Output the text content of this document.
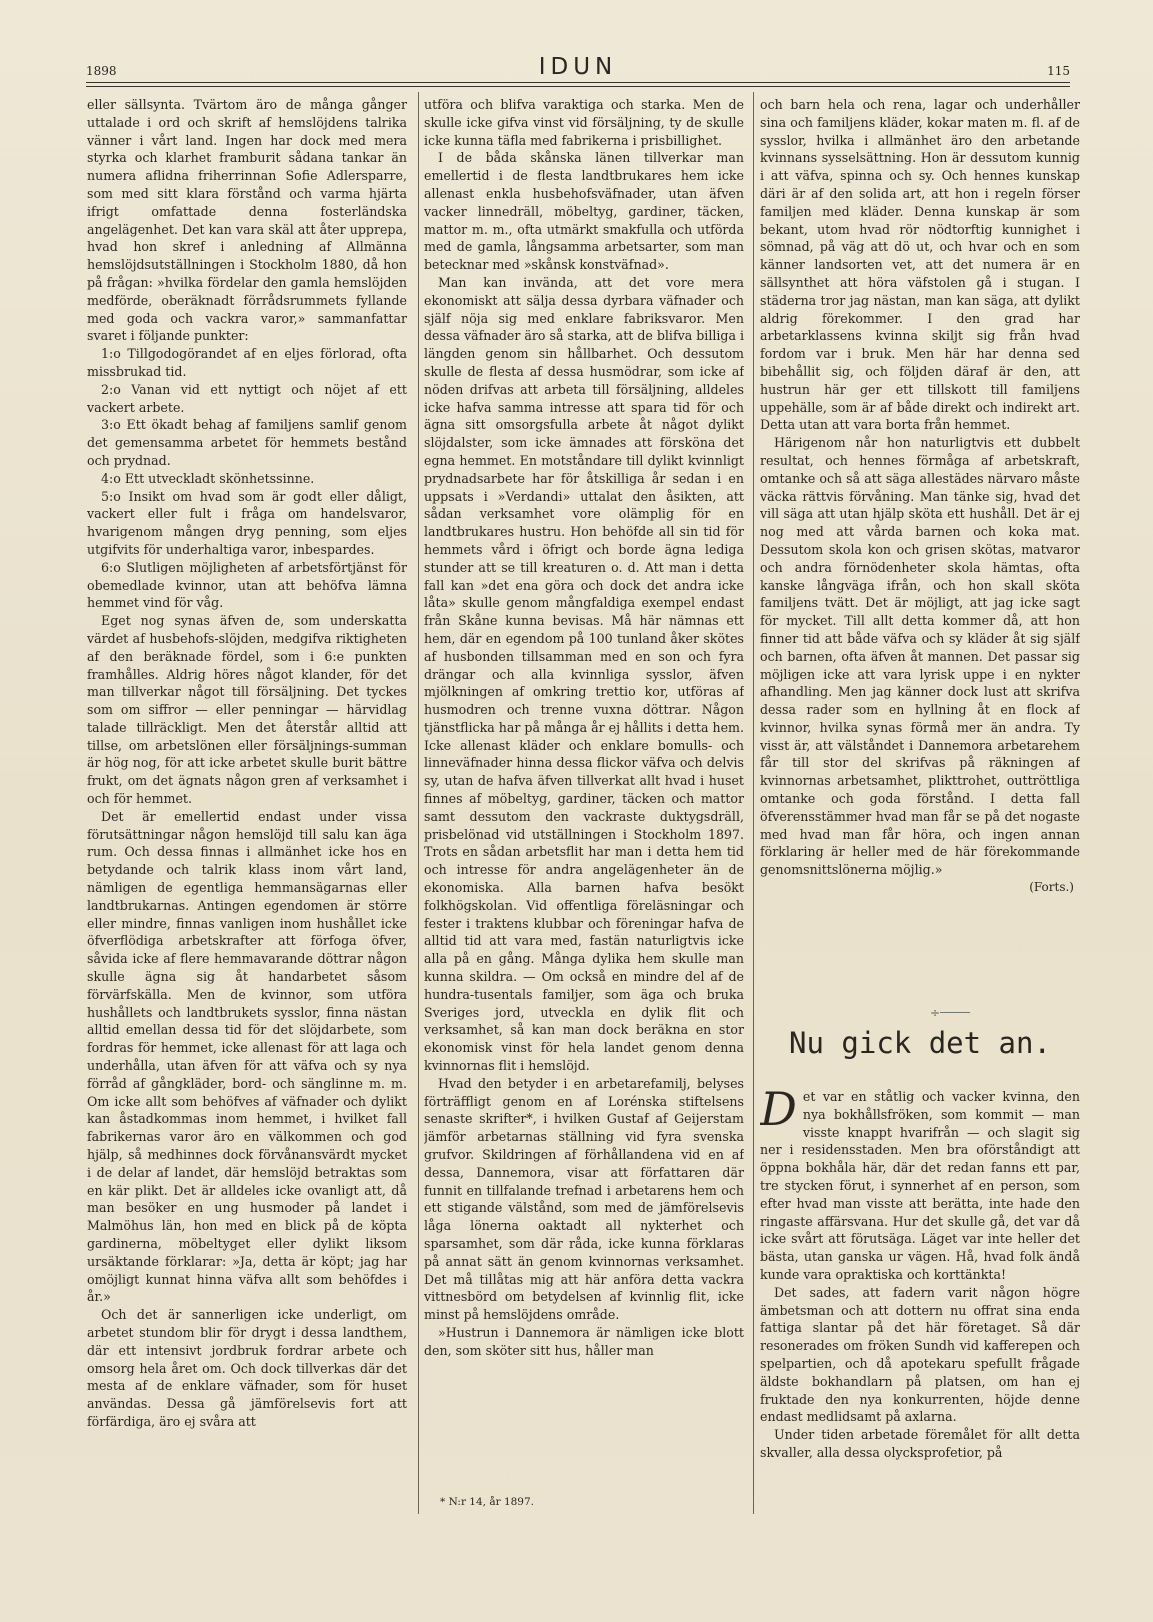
1898	IDUN	115

eller sällsynta. Tvärtom äro de många gånger uttalade i ord och skrift af hemslöjdens talrika vänner i vårt land. Ingen har dock med mera styrka och klarhet framburit sådana tankar än numera aflidna friherrinnan Sofie Adlersparre, som med sitt klara förstånd och varma hjärta ifrigt omfattade denna fosterländska angelägenhet. Det kan vara skäl att åter upprepa, hvad hon skref i anledning af Allmänna hemslöjdsutställningen i Stockholm 1880, då hon på frågan: »hvilka fördelar den gamla hemslöjden medförde, oberäknadt förrådsrummets fyllande med goda och vackra varor,» sammanfattar svaret i följande punkter:

1:o Tillgodogörandet af en eljes förlorad, ofta missbrukad tid.

2:o Vanan vid ett nyttigt och nöjet af ett vackert arbete.

3:o Ett ökadt behag af familjens samlif genom det gemensamma arbetet för hemmets bestånd och prydnad.

4:o Ett utveckladt skönhetssinne.

5:o Insikt om hvad som är godt eller dåligt, vackert eller fult i fråga om handelsvaror, hvarigenom mången dryg penning, som eljes utgifvits för underhaltiga varor, inbespardes.

6:o Slutligen möjligheten af arbetsförtjänst för obemedlade kvinnor, utan att behöfva lämna hemmet vind för våg.

Eget nog synas äfven de, som underskatta värdet af husbehofs-slöjden, medgifva riktigheten af den beräknade fördel, som i 6:e punkten framhålles. Aldrig höres något klander, för det man tillverkar något till försäljning. Det tyckes som om siffror — eller penningar — härvidlag talade tillräckligt. Men det återstår alltid att tillse, om arbetslönen eller försäljnings-summan är hög nog, för att icke arbetet skulle burit bättre frukt, om det ägnats någon gren af verksamhet i och för hemmet.

Det är emellertid endast under vissa förutsättningar någon hemslöjd till salu kan äga rum. Och dessa finnas i allmänhet icke hos en betydande och talrik klass inom vårt land, nämligen de egentliga hemmansägarnas eller landtbrukarnas. Antingen egendomen är större eller mindre, finnas vanligen inom hushållet icke öfverflödiga arbetskrafter att förfoga öfver, såvida icke af flere hemmavarande döttrar någon skulle ägna sig åt handarbetet såsom förvärfskälla. Men de kvinnor, som utföra hushållets och landtbrukets sysslor, finna nästan alltid emellan dessa tid för det slöjdarbete, som fordras för hemmet, icke allenast för att laga och underhålla, utan äfven för att väfva och sy nya förråd af gångkläder, bord- och sänglinne m. m. Om icke allt som behöfves af väfnader och dylikt kan åstadkommas inom hemmet, i hvilket fall fabrikernas varor äro en välkommen och god hjälp, så medhinnes dock förvånansvärdt mycket i de delar af landet, där hemslöjd betraktas som en kär plikt. Det är alldeles icke ovanligt att, då man besöker en ung husmoder på landet i Malmöhus län, hon med en blick på de köpta gardinerna, möbeltyget eller dylikt liksom ursäktande förklarar: »Ja, detta är köpt; jag har omöjligt kunnat hinna väfva allt som behöfdes i år.»

Och det är sannerligen icke underligt, om arbetet stundom blir för drygt i dessa landthem, där ett intensivt jordbruk fordrar arbete och omsorg hela året om. Och dock tillverkas där det mesta af de enklare väfnader, som för huset användas. Dessa gå jämförelsevis fort att förfärdiga, äro ej svåra att

utföra och blifva varaktiga och starka. Men de skulle icke gifva vinst vid försäljning, ty de skulle icke kunna täfla med fabrikerna i prisbillighet.

I de båda skånska länen tillverkar man emellertid i de flesta landtbrukares hem icke allenast enkla husbehofsväfnader, utan äfven vacker linnedräll, möbeltyg, gardiner, täcken, mattor m. m., ofta utmärkt smakfulla och utförda med de gamla, långsamma arbetsarter, som man betecknar med »skånsk konstväfnad».

Man kan invända, att det vore mera ekonomiskt att sälja dessa dyrbara väfnader och själf nöja sig med enklare fabriksvaror. Men dessa väfnader äro så starka, att de blifva billiga i längden genom sin hållbarhet. Och dessutom skulle de flesta af dessa husmödrar, som icke af nöden drifvas att arbeta till försäljning, alldeles icke hafva samma intresse att spara tid för och ägna sitt omsorgsfulla arbete åt något dylikt slöjdalster, som icke ämnades att försköna det egna hemmet. En motståndare till dylikt kvinnligt prydnadsarbete har för åtskilliga år sedan i en uppsats i »Verdandi» uttalat den åsikten, att sådan verksamhet vore olämplig för en landtbrukares hustru. Hon behöfde all sin tid för hemmets vård i öfrigt och borde ägna lediga stunder att se till kreaturen o. d. Att man i detta fall kan »det ena göra och dock det andra icke låta» skulle genom mångfaldiga exempel endast från Skåne kunna bevisas. Må här nämnas ett hem, där en egendom på 100 tunland åker skötes af husbonden tillsamman med en son och fyra drängar och alla kvinnliga sysslor, äfven mjölkningen af omkring trettio kor, utföras af husmodren och trenne vuxna döttrar. Någon tjänstflicka har på många år ej hållits i detta hem. Icke allenast kläder och enklare bomulls- och linneväfnader hinna dessa flickor väfva och delvis sy, utan de hafva äfven tillverkat allt hvad i huset finnes af möbeltyg, gardiner, täcken och mattor samt dessutom den vackraste duktygsdräll, prisbelönad vid utställningen i Stockholm 1897. Trots en sådan arbetsflit har man i detta hem tid och intresse för andra angelägenheter än de ekonomiska. Alla barnen hafva besökt folkhögskolan. Vid offentliga föreläsningar och fester i traktens klubbar och föreningar hafva de alltid tid att vara med, fastän naturligtvis icke alla på en gång. Många dylika hem skulle man kunna skildra. — Om också en mindre del af de hundra-tusentals familjer, som äga och bruka Sveriges jord, utveckla en dylik flit och verksamhet, så kan man dock beräkna en stor ekonomisk vinst för hela landet genom denna kvinnornas flit i hemslöjd.

Hvad den betyder i en arbetarefamilj, belyses förträffligt genom en af Lorénska stiftelsens senaste skrifter*, i hvilken Gustaf af Geijerstam jämför arbetarnas ställning vid fyra svenska grufvor. Skildringen af förhållandena vid en af dessa, Dannemora, visar att författaren där funnit en tillfalande trefnad i arbetarens hem och ett stigande välstånd, som med de jämförelsevis låga lönerna oaktadt all nykterhet och sparsamhet, som där råda, icke kunna förklaras på annat sätt än genom kvinnornas verksamhet. Det må tillåtas mig att här anföra detta vackra vittnesbörd om betydelsen af kvinnlig flit, icke minst på hemslöjdens område.

»Hustrun i Dannemora är nämligen icke blott den, som sköter sitt hus, håller man

* N:r 14, år 1897.

och barn hela och rena, lagar och underhåller sina och familjens kläder, kokar maten m. fl. af de sysslor, hvilka i allmänhet äro den arbetande kvinnans sysselsättning. Hon är dessutom kunnig i att väfva, spinna och sy. Och hennes kunskap däri är af den solida art, att hon i regeln förser familjen med kläder. Denna kunskap är som bekant, utom hvad rör nödtorftig kunnighet i sömnad, på väg att dö ut, och hvar och en som känner landsorten vet, att det numera är en sällsynthet att höra väfstolen gå i stugan. I städerna tror jag nästan, man kan säga, att dylikt aldrig förekommer. I den grad har arbetarklassens kvinna skiljt sig från hvad fordom var i bruk. Men här har denna sed bibehållit sig, och följden däraf är den, att hustrun här ger ett tillskott till familjens uppehälle, som är af både direkt och indirekt art. Detta utan att vara borta från hemmet.

Härigenom når hon naturligtvis ett dubbelt resultat, och hennes förmåga af arbetskraft, omtanke och så att säga allestädes närvaro måste väcka rättvis förvåning. Man tänke sig, hvad det vill säga att utan hjälp sköta ett hushåll. Det är ej nog med att vårda barnen och koka mat. Dessutom skola kon och grisen skötas, matvaror och andra förnödenheter skola hämtas, ofta kanske långväga ifrån, och hon skall sköta familjens tvätt. Det är möjligt, att jag icke sagt för mycket. Till allt detta kommer då, att hon finner tid att både väfva och sy kläder åt sig själf och barnen, ofta äfven åt mannen. Det passar sig möjligen icke att vara lyrisk uppe i en nykter afhandling. Men jag känner dock lust att skrifva dessa rader som en hyllning åt en flock af kvinnor, hvilka synas förmå mer än andra. Ty visst är, att välståndet i Dannemora arbetarehem får till stor del skrifvas på räkningen af kvinnornas arbetsamhet, plikttrohet, outtröttliga omtanke och goda förstånd. I detta fall öfverensstämmer hvad man får se på det nogaste med hvad man får höra, och ingen annan förklaring är heller med de här förekommande genomsnittslönerna möjlig.»

(Forts.)

÷
Nu gick det an.

Det var en ståtlig och vacker kvinna, den nya bokhållsfröken, som kommit — man visste knappt hvarifrån — och slagit sig ner i residensstaden. Men bra oförståndigt att öppna bokhåla här, där det redan fanns ett par, tre stycken förut, i synnerhet af en person, som efter hvad man visste att berätta, inte hade den ringaste affärsvana. Hur det skulle gå, det var då icke svårt att förutsäga. Läget var inte heller det bästa, utan ganska ur vägen. Hå, hvad folk ändå kunde vara opraktiska och korttänkta!

Det sades, att fadern varit någon högre ämbetsman och att dottern nu offrat sina enda fattiga slantar på det här företaget. Så där resonerades om fröken Sundh vid kafferepen och spelpartien, och då apotekaru spefullt frågade äldste bokhandlarn på platsen, om han ej fruktade den nya konkurrenten, höjde denne endast medlidsamt på axlarna.

Under tiden arbetade föremålet för allt detta skvaller, alla dessa olycksprofetior, på
